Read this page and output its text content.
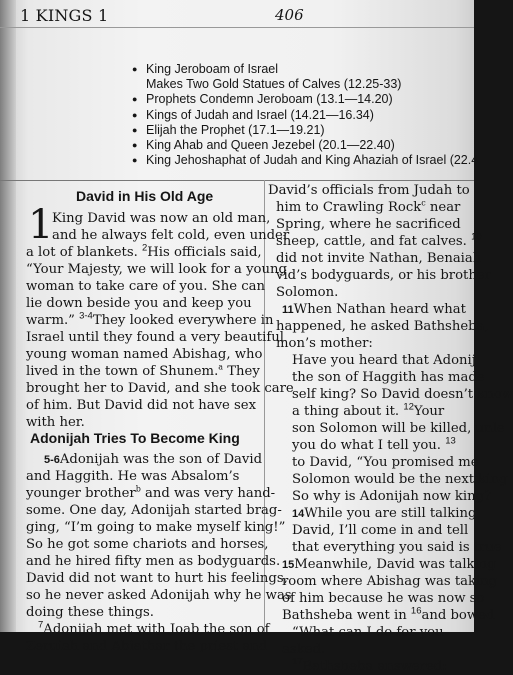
1 KINGS 1	406
● King Jeroboam of Israel
Makes Two Gold Statues of Calves (12.25-33)
● Prophets Condemn Jeroboam (13.1—14.20)
● Kings of Judah and Israel (14.21—16.34)
● Elijah the Prophet (17.1—19.21)
● King Ahab and Queen Jezebel (20.1—22.40)
● King Jehoshaphat of Judah and King Ahaziah of Israel (22.4
David in His Old Age
1
King David was now an old man,
and he always felt cold, even under
a lot of blankets. $^2$His officials said,
“Your Majesty, we will look for a young
woman to take care of you. She can
lie down beside you and keep you
warm.” $^{3-4}$They looked everywhere in
Israel until they found a very beautiful
young woman named Abishag, who
lived in the town of Shunem.$^a$ They
brought her to David, and she took care
of him. But David did not have sex
with her.
Adonijah Tries To Become King
5-6Adonijah was the son of David
and Haggith. He was Absalom’s
younger brother$^b$ and was very hand-
some. One day, Adonijah started brag-
ging, “I’m going to make myself king!”
So he got some chariots and horses,
and he hired fifty men as bodyguards.
David did not want to hurt his feelings,
so he never asked Adonijah why he was
doing these things.
$^7$Adonijah met with Joab the son of
Zeruiah and Abiathar the priest and
David’s officials from Judah to
him to Crawling Rock$^c$ near
Spring, where he sacrificed
sheep, cattle, and fat calves. $^{10}$
did not invite Nathan, Benaiah
vid’s bodyguards, or his brother
Solomon.
11When Nathan heard what
happened, he asked Bathsheba,
mon’s mother:
Have you heard that Adonij
the son of Haggith has made
self king? So David doesn’t know
a thing about it. $^{12}$Your
son Solomon will be killed, unle
you do what I tell you. $^{13}$
to David, “You promised me
Solomon would be the next king
So why is Adonijah now king?
14While you are still talking
David, I’ll come in and tell
that everything you said is true
15Meanwhile, David was talking
room where Abishag was taking
of him because he was now so
Bathsheba went in $^{16}$and bowed
“What can I do for you
asked.
$^{17}$Bathsheba answered:
